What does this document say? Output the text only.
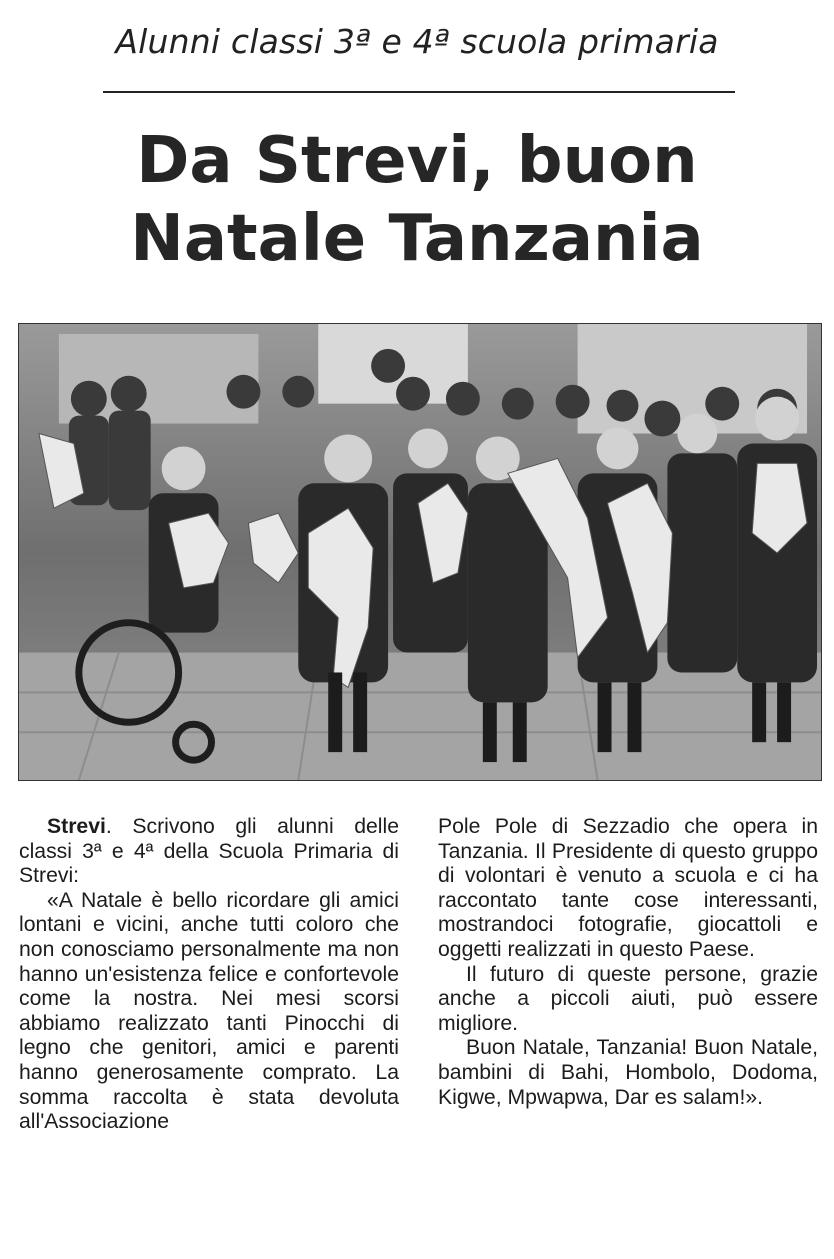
Alunni classi 3ª e 4ª scuola primaria
Da Strevi, buon
Natale Tanzania

Strevi. Scrivono gli alunni delle classi 3ª e 4ª della Scuola Primaria di Strevi:

«A Natale è bello ricordare gli amici lontani e vicini, anche tutti coloro che non conosciamo personalmente ma non hanno un'esistenza felice e confortevole come la nostra. Nei mesi scorsi abbiamo realizzato tanti Pinocchi di legno che genitori, amici e parenti hanno generosamente comprato. La somma raccolta è stata devoluta all'Associazione

Pole Pole di Sezzadio che opera in Tanzania. Il Presidente di questo gruppo di volontari è venuto a scuola e ci ha raccontato tante cose interessanti, mostrandoci fotografie, giocattoli e oggetti realizzati in questo Paese.

Il futuro di queste persone, grazie anche a piccoli aiuti, può essere migliore.

Buon Natale, Tanzania! Buon Natale, bambini di Bahi, Hombolo, Dodoma, Kigwe, Mpwapwa, Dar es salam!».
